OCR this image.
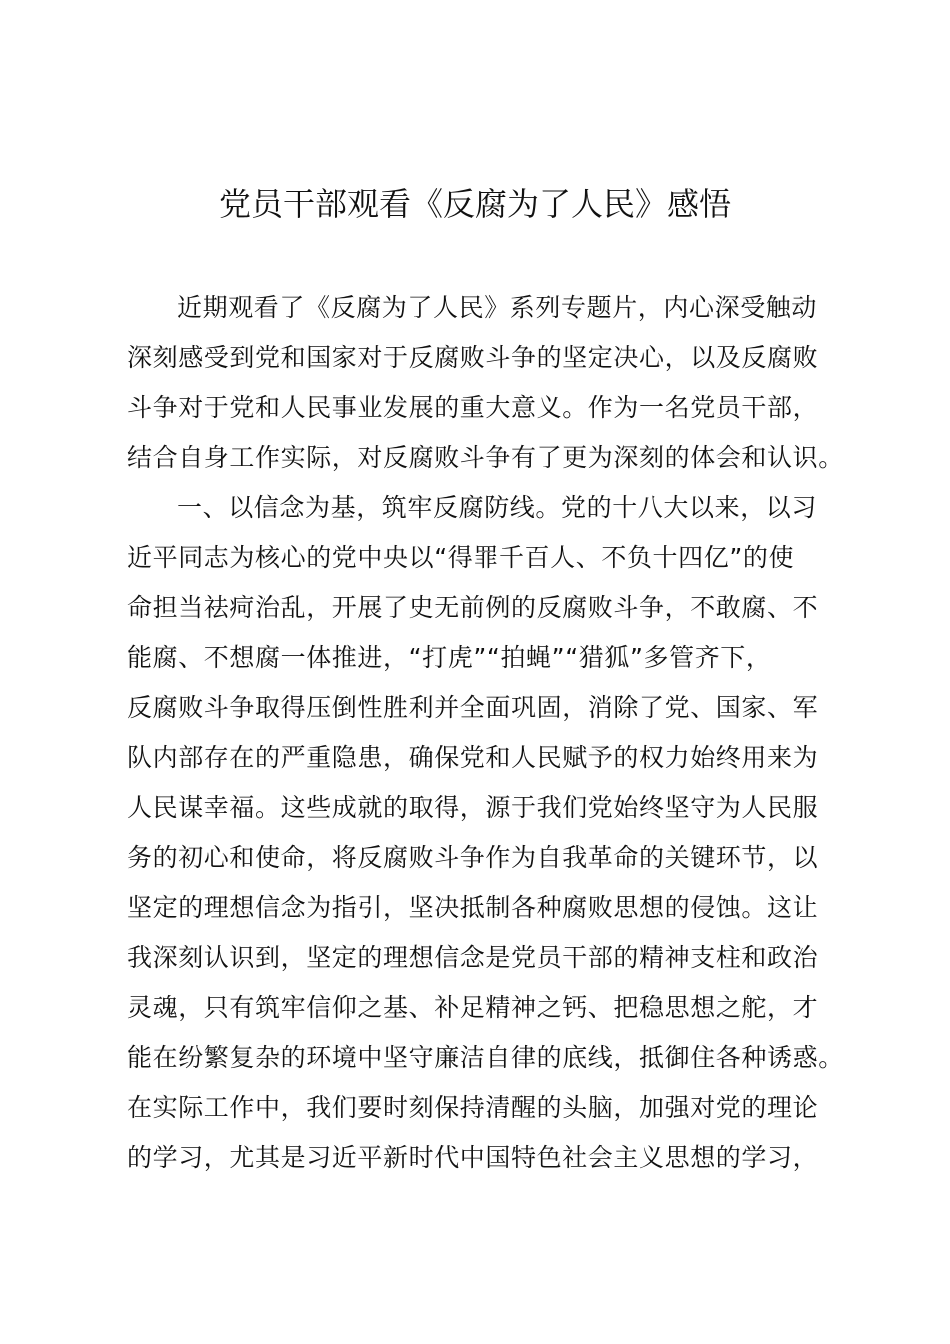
党员干部观看《反腐为了人民》感悟
近期观看了《反腐为了人民》系列专题片，内心深受触动
深刻感受到党和国家对于反腐败斗争的坚定决心，以及反腐败
斗争对于党和人民事业发展的重大意义。作为一名党员干部，
结合自身工作实际，对反腐败斗争有了更为深刻的体会和认识。
一、以信念为基，筑牢反腐防线。党的十八大以来，以习
近平同志为核心的党中央以“得罪千百人、不负十四亿”的使
命担当祛疴治乱，开展了史无前例的反腐败斗争，不敢腐、不
能腐、不想腐一体推进，“打虎”“拍蝇”“猎狐”多管齐下，
反腐败斗争取得压倒性胜利并全面巩固，消除了党、国家、军
队内部存在的严重隐患，确保党和人民赋予的权力始终用来为
人民谋幸福。这些成就的取得，源于我们党始终坚守为人民服
务的初心和使命，将反腐败斗争作为自我革命的关键环节，以
坚定的理想信念为指引，坚决抵制各种腐败思想的侵蚀。这让
我深刻认识到，坚定的理想信念是党员干部的精神支柱和政治
灵魂，只有筑牢信仰之基、补足精神之钙、把稳思想之舵，才
能在纷繁复杂的环境中坚守廉洁自律的底线，抵御住各种诱惑。
在实际工作中，我们要时刻保持清醒的头脑，加强对党的理论
的学习，尤其是习近平新时代中国特色社会主义思想的学习，
